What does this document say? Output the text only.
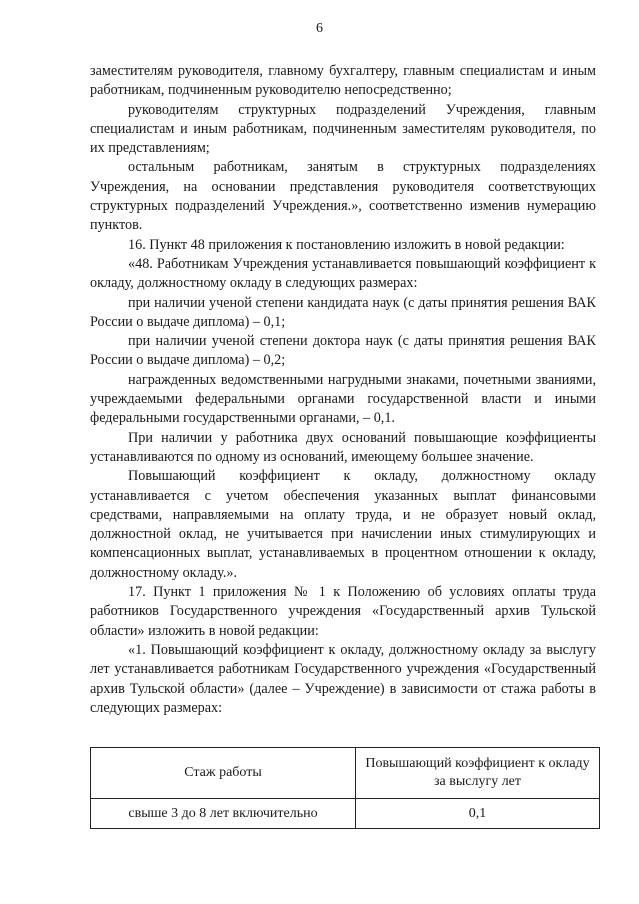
6

заместителям руководителя, главному бухгалтеру, главным специалистам и иным работникам, подчиненным руководителю непосредственно;

руководителям структурных подразделений Учреждения, главным специалистам и иным работникам, подчиненным заместителям руководителя, по их представлениям;

остальным работникам, занятым в структурных подразделениях Учреждения, на основании представления руководителя соответствующих структурных подразделений Учреждения.», соответственно изменив нумерацию пунктов.

16. Пункт 48 приложения к постановлению изложить в новой редакции:

«48. Работникам Учреждения устанавливается повышающий коэффициент к окладу, должностному окладу в следующих размерах:

при наличии ученой степени кандидата наук (с даты принятия решения ВАК России о выдаче диплома) – 0,1;

при наличии ученой степени доктора наук (с даты принятия решения ВАК России о выдаче диплома) – 0,2;

награжденных ведомственными нагрудными знаками, почетными званиями, учреждаемыми федеральными органами государственной власти и иными федеральными государственными органами, – 0,1.

При наличии у работника двух оснований повышающие коэффициенты устанавливаются по одному из оснований, имеющему большее значение.

Повышающий коэффициент к окладу, должностному окладу устанавливается с учетом обеспечения указанных выплат финансовыми средствами, направляемыми на оплату труда, и не образует новый оклад, должностной оклад, не учитывается при начислении иных стимулирующих и компенсационных выплат, устанавливаемых в процентном отношении к окладу, должностному окладу.».

17. Пункт 1 приложения № 1 к Положению об условиях оплаты труда работников Государственного учреждения «Государственный архив Тульской области» изложить в новой редакции:

«1. Повышающий коэффициент к окладу, должностному окладу за выслугу лет устанавливается работникам Государственного учреждения «Государственный архив Тульской области» (далее – Учреждение) в зависимости от стажа работы в следующих размерах:

Стаж работы	Повышающий коэффициент к окладу за выслугу лет
свыше 3 до 8 лет включительно	0,1
